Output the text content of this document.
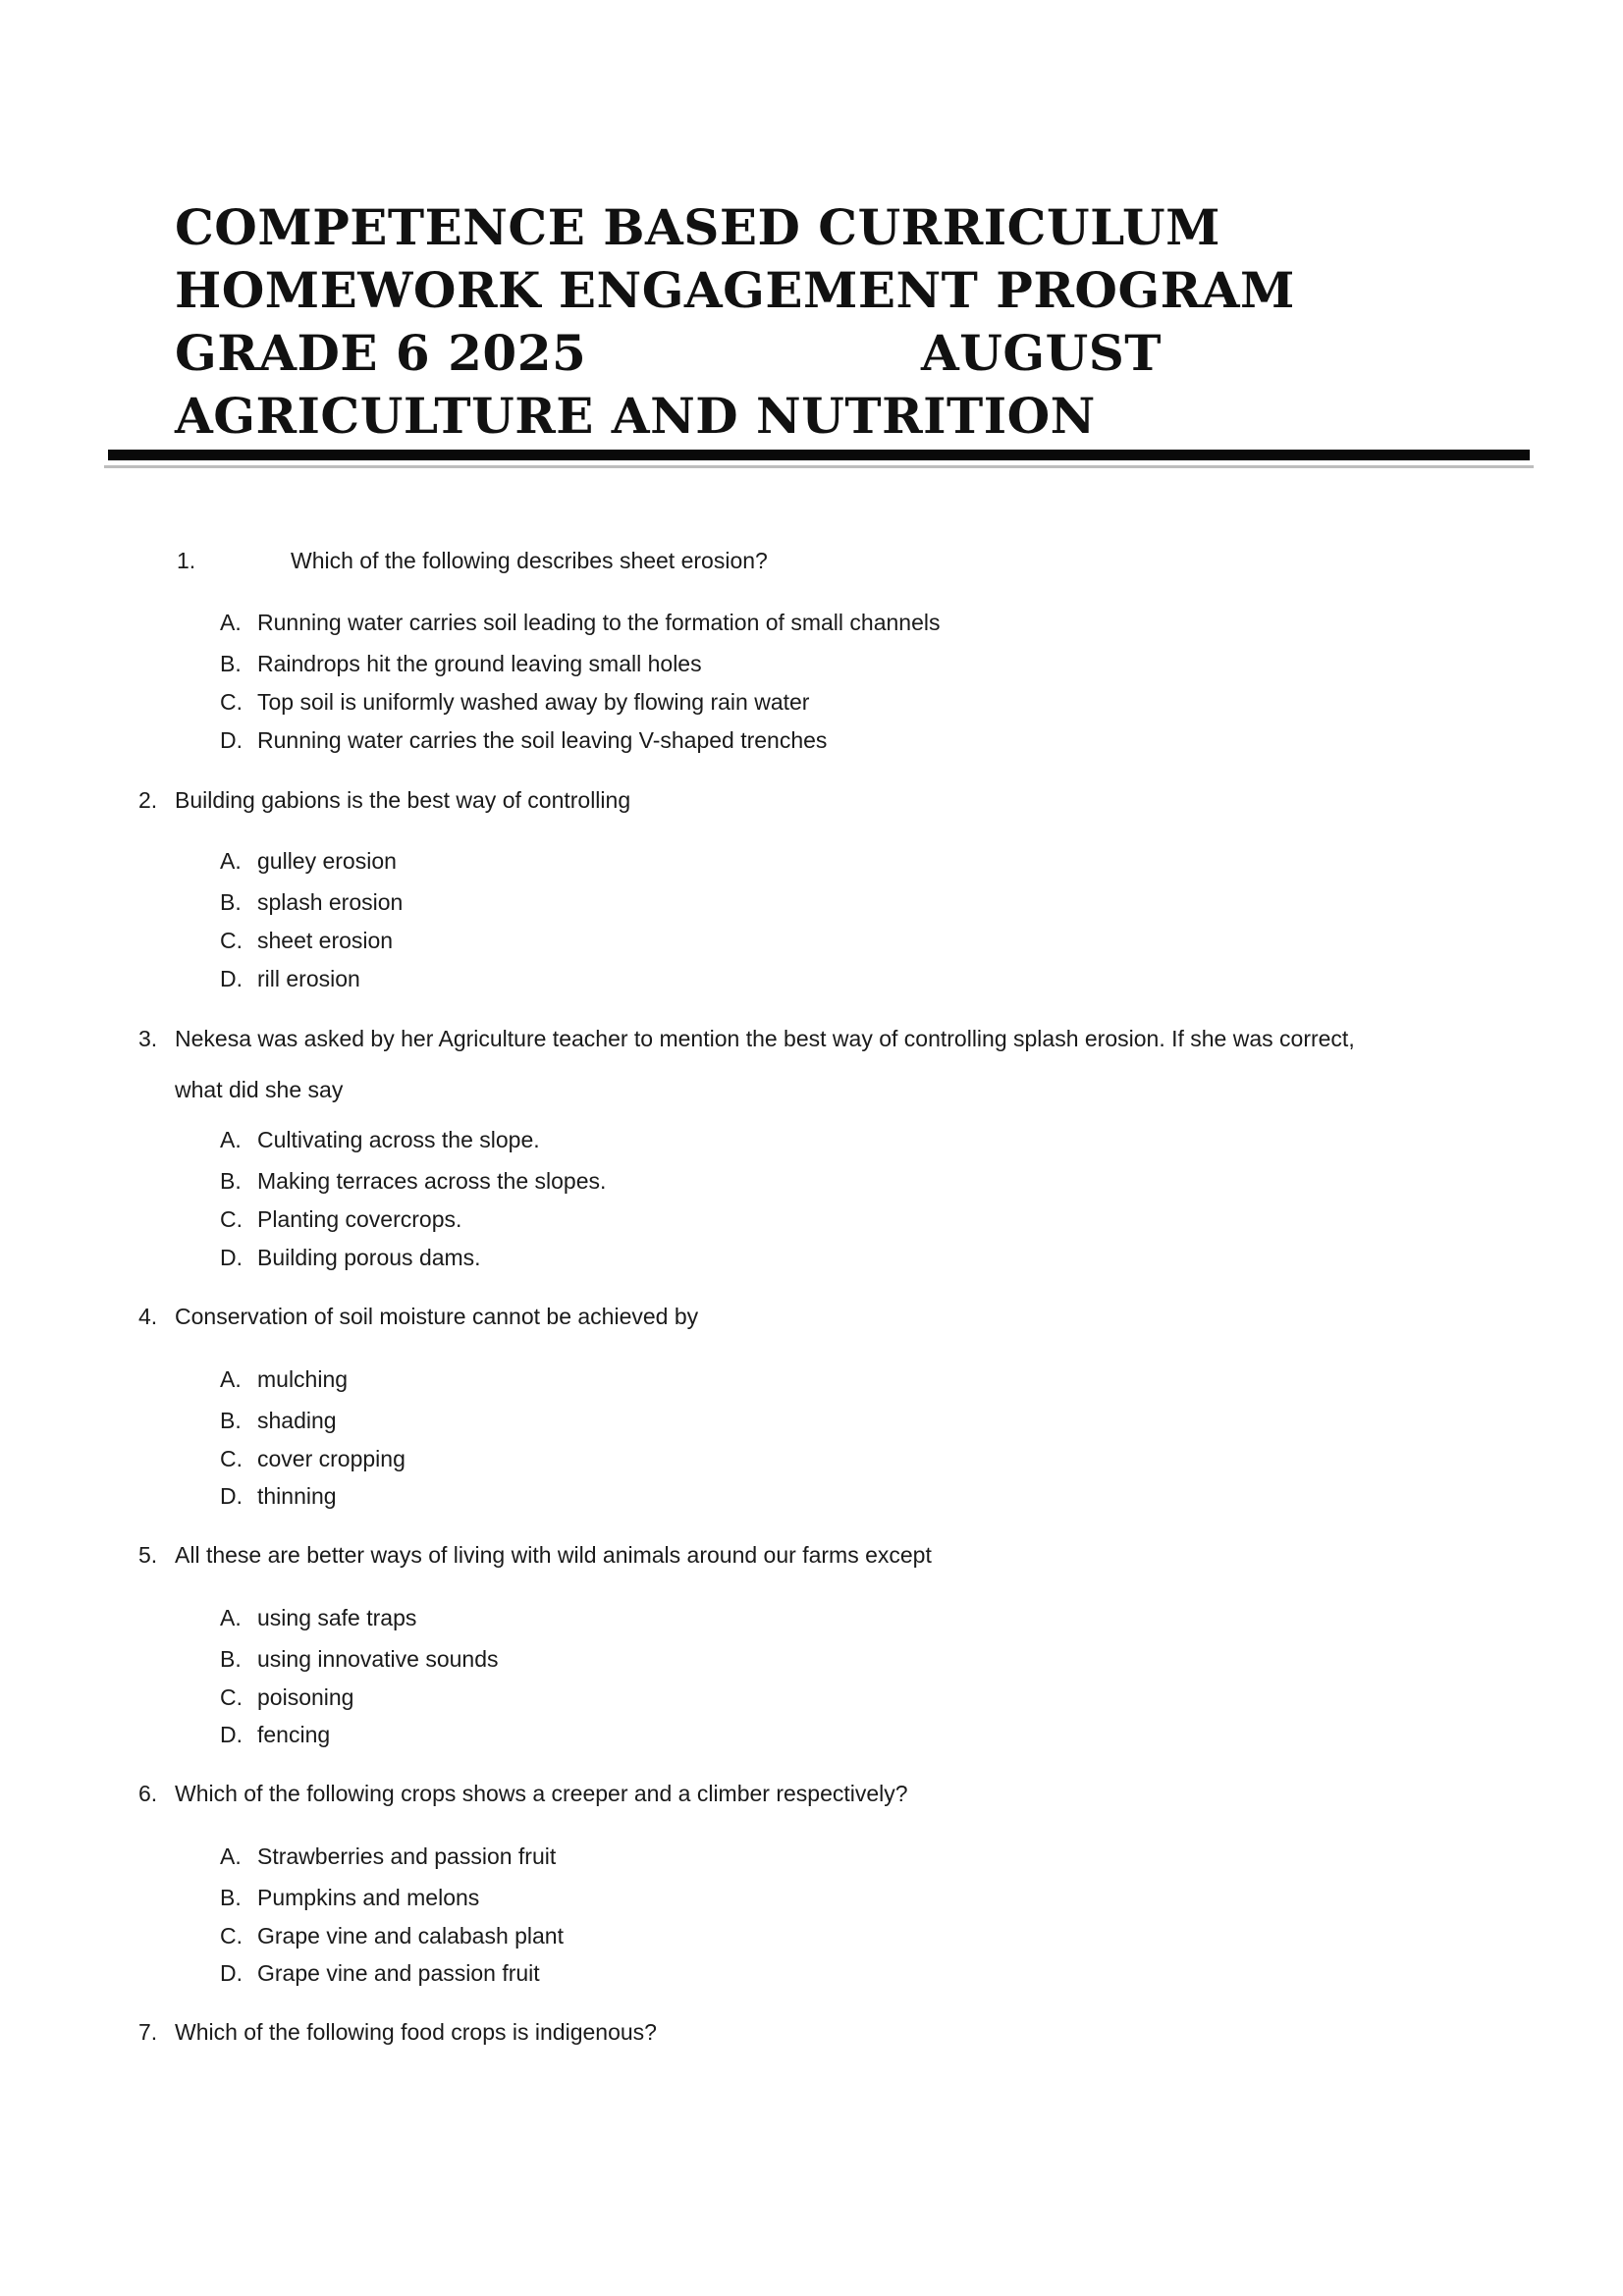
COMPETENCE BASED CURRICULUM
HOMEWORK ENGAGEMENT PROGRAM
GRADE 6 2025	AUGUST
AGRICULTURE AND NUTRITION
1.	Which of the following describes sheet erosion?
A. Running water carries soil leading to the formation of small channels
B. Raindrops hit the ground leaving small holes
C. Top soil is uniformly washed away by flowing rain water
D. Running water carries the soil leaving V-shaped trenches
2. Building gabions is the best way of controlling
A. gulley erosion
B. splash erosion
C. sheet erosion
D. rill erosion
3. Nekesa was asked by her Agriculture teacher to mention the best way of controlling splash erosion. If she was correct,
what did she say
A. Cultivating across the slope.
B. Making terraces across the slopes.
C. Planting covercrops.
D. Building porous dams.
4. Conservation of soil moisture cannot be achieved by
A. mulching
B. shading
C. cover cropping
D. thinning
5. All these are better ways of living with wild animals around our farms except
A. using safe traps
B. using innovative sounds
C. poisoning
D. fencing
6. Which of the following crops shows a creeper and a climber respectively?
A. Strawberries and passion fruit
B. Pumpkins and melons
C. Grape vine and calabash plant
D. Grape vine and passion fruit
7. Which of the following food crops is indigenous?
